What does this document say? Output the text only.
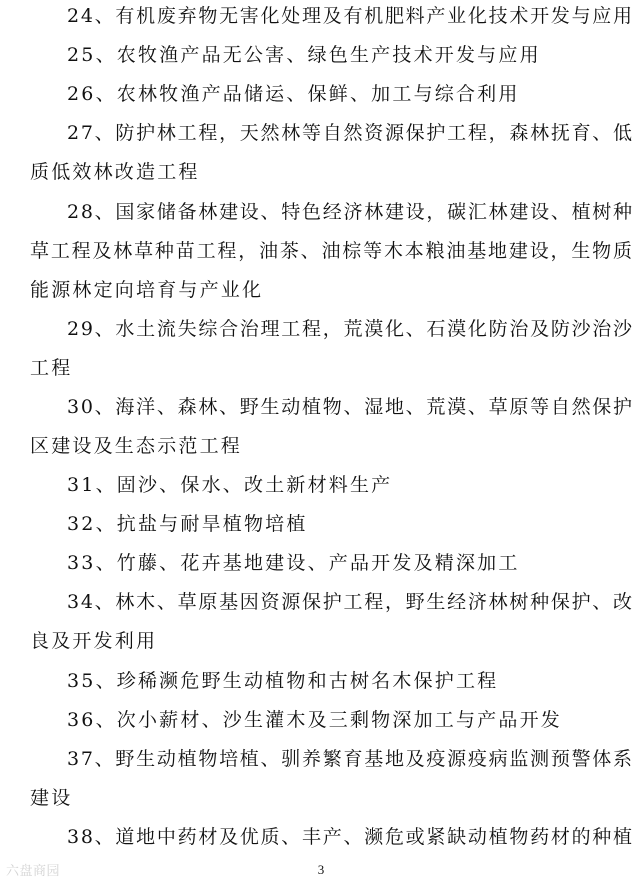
24、有机废弃物无害化处理及有机肥料产业化技术开发与应用
25、农牧渔产品无公害、绿色生产技术开发与应用
26、农林牧渔产品储运、保鲜、加工与综合利用
27、防护林工程，天然林等自然资源保护工程，森林抚育、低
质低效林改造工程
28、国家储备林建设、特色经济林建设，碳汇林建设、植树种
草工程及林草种苗工程，油茶、油棕等木本粮油基地建设，生物质
能源林定向培育与产业化
29、水土流失综合治理工程，荒漠化、石漠化防治及防沙治沙
工程
30、海洋、森林、野生动植物、湿地、荒漠、草原等自然保护
区建设及生态示范工程
31、固沙、保水、改土新材料生产
32、抗盐与耐旱植物培植
33、竹藤、花卉基地建设、产品开发及精深加工
34、林木、草原基因资源保护工程，野生经济林树种保护、改
良及开发利用
35、珍稀濒危野生动植物和古树名木保护工程
36、次小薪材、沙生灌木及三剩物深加工与产品开发
37、野生动植物培植、驯养繁育基地及疫源疫病监测预警体系
建设
38、道地中药材及优质、丰产、濒危或紧缺动植物药材的种植
六盘商园	3
